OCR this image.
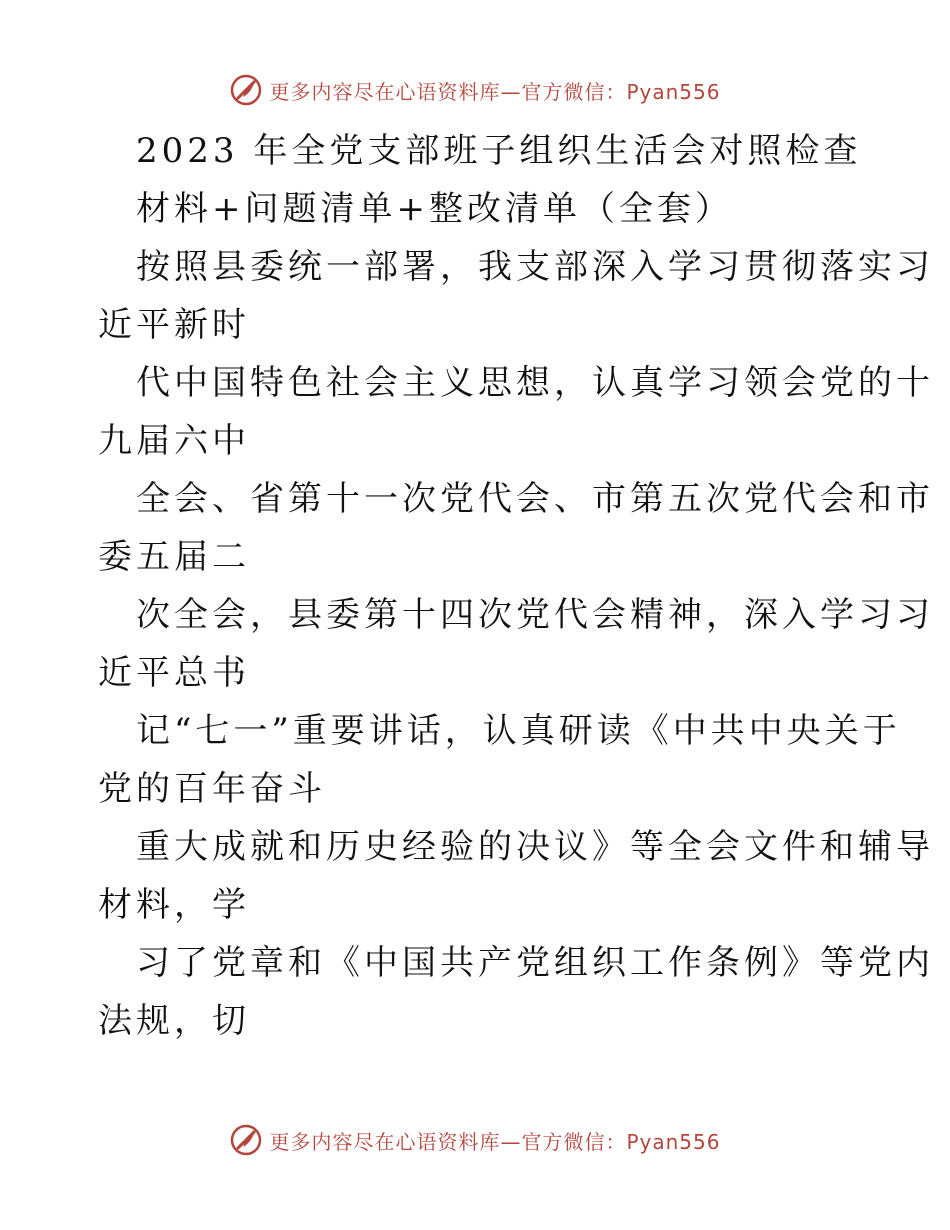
更多内容尽在心语资料库—官方微信：Pyan556
2023 年全党支部班子组织生活会对照检查
材料+问题清单+整改清单（全套）
按照县委统一部署，我支部深入学习贯彻落实习
近平新时
代中国特色社会主义思想，认真学习领会党的十
九届六中
全会、省第十一次党代会、市第五次党代会和市
委五届二
次全会，县委第十四次党代会精神，深入学习习
近平总书
记“七一”重要讲话，认真研读《中共中央关于
党的百年奋斗
重大成就和历史经验的决议》等全会文件和辅导
材料，学
习了党章和《中国共产党组织工作条例》等党内
法规，切
更多内容尽在心语资料库—官方微信：Pyan556
